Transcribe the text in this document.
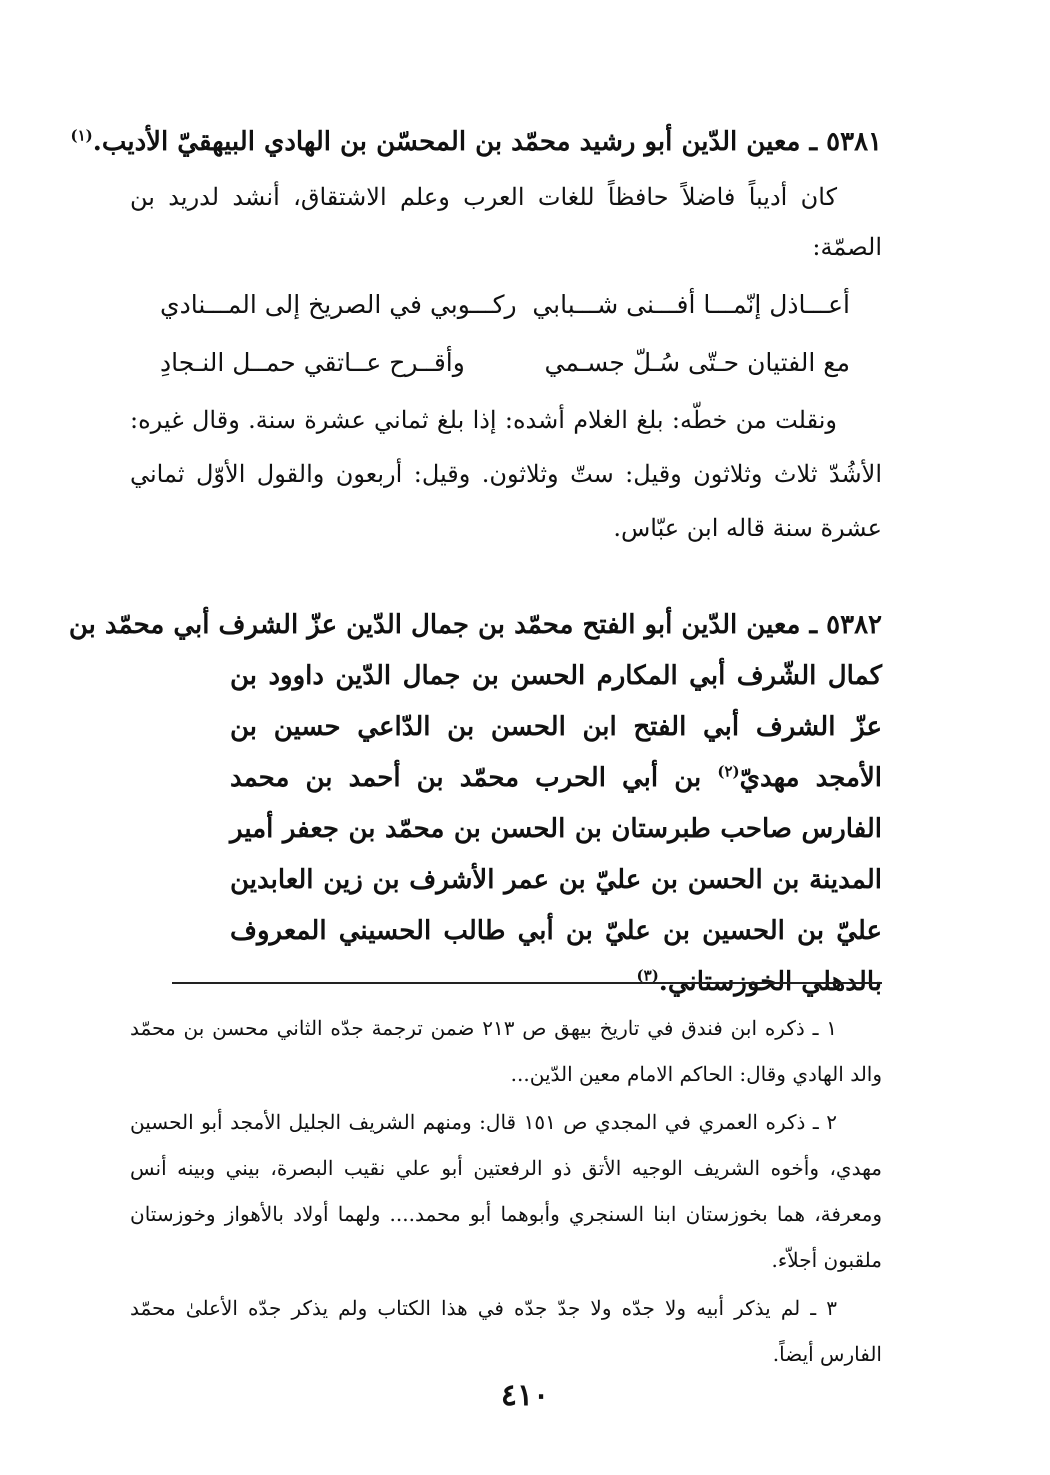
٥٣٨١ ـ معين الدّين أبو رشيد محمّد بن المحسّن بن الهادي البيهقيّ الأديب.$^{(١)}$

كان أديباً فاضلاً حافظاً للغات العرب وعلم الاشتقاق، أنشد لدريد بن الصمّة:

أعـــاذل إنّمـــا أفـــنى شـــبابي
ركـــوبي في الصريخ إلى المـــنادي
مع الفتيان حـتّى سُـلّ جسـمي
وأقــرح عــاتقي حمــل النـجادِ

ونقلت من خطّه: بلغ الغلام أشده: إذا بلغ ثماني عشرة سنة. وقال غيره: الأشُدّ ثلاث وثلاثون وقيل: ستّ وثلاثون. وقيل: أربعون والقول الأوّل ثماني عشرة سنة قاله ابن عبّاس.

٥٣٨٢ ـ معين الدّين أبو الفتح محمّد بن جمال الدّين عزّ الشرف أبي محمّد بن
كمال الشّرف أبي المكارم الحسن بن جمال الدّين داوود بن عزّ الشرف أبي الفتح ابن الحسن بن الدّاعي حسين بن الأمجد مهديّ$^{(٢)}$ بن أبي الحرب محمّد بن أحمد بن محمد الفارس صاحب طبرستان بن الحسن بن محمّد بن جعفر أمير المدينة بن الحسن بن عليّ بن عمر الأشرف بن زين العابدين عليّ بن الحسين بن عليّ بن أبي طالب الحسيني المعروف بالدهلي الخوزستاني.$^{(٣)}$

١ ـ ذكره ابن فندق في تاريخ بيهق ص ٢١٣ ضمن ترجمة جدّه الثاني محسن بن محمّد والد الهادي وقال: الحاكم الامام معين الدّين...

٢ ـ ذكره العمري في المجدي ص ١٥١ قال: ومنهم الشريف الجليل الأمجد أبو الحسين مهدي، وأخوه الشريف الوجيه الأتق ذو الرفعتين أبو علي نقيب البصرة، بيني وبينه أنس ومعرفة، هما بخوزستان ابنا السنجري وأبوهما أبو محمد.... ولهما أولاد بالأهواز وخوزستان ملقبون أجلاّء.

٣ ـ لم يذكر أبيه ولا جدّه ولا جدّ جدّه في هذا الكتاب ولم يذكر جدّه الأعلىٰ محمّد الفارس أيضاً.

٤١٠
